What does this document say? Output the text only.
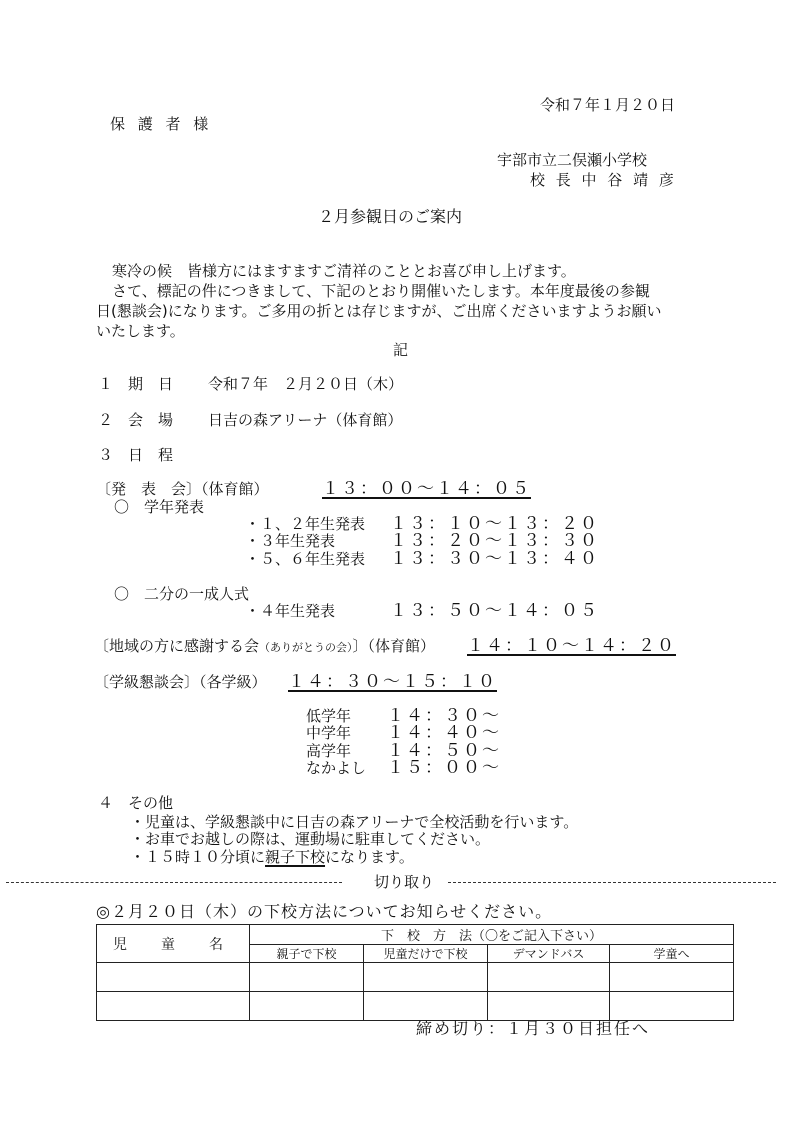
令和７年１月２０日
保 護 者 様
宇部市立二俣瀬小学校
校 長 中 谷 靖 彦
２月参観日のご案内
寒冷の候　皆様方にはますますご清祥のこととお喜び申し上げます。
さて、標記の件につきまして、下記のとおり開催いたします。本年度最後の参観
日(懇談会)になります。ご多用の折とは存じますが、ご出席くださいますようお願い
いたします。
記
１　期　日 令和７年　２月２０日（木）
２　会　場 日吉の森アリーナ（体育館）
３　日　程
〔発　表　会〕（体育館）	１３：００～１４：０５
〇　学年発表
・１、２年生発表 １３：１０～１３：２０
・３年生発表	１３：２０～１３：３０
・５、６年生発表 １３：３０～１３：４０
〇　二分の一成人式
・４年生発表	１３：５０～１４：０５
〔地域の方に感謝する会（ありがとうの会）〕（体育館） １４：１０～１４：２０
〔学級懇談会〕（各学級） １４：３０～１５：１０
低学年 １４：３０～
中学年 １４：４０～
高学年 １４：５０～
なかよし １５：００～
４　その他
・児童は、学級懇談中に日吉の森アリーナで全校活動を行います。
・お車でお越しの際は、運動場に駐車してください。
・１５時１０分頃に親子下校になります。
切り取り
◎２月２０日（木）の下校方法についてお知らせください。
児　童　名	下　校　方　法（〇をご記入下さい）			
	親子で下校	児童だけで下校	デマンドバス	学童へ

締め切り：１月３０日担任へ
